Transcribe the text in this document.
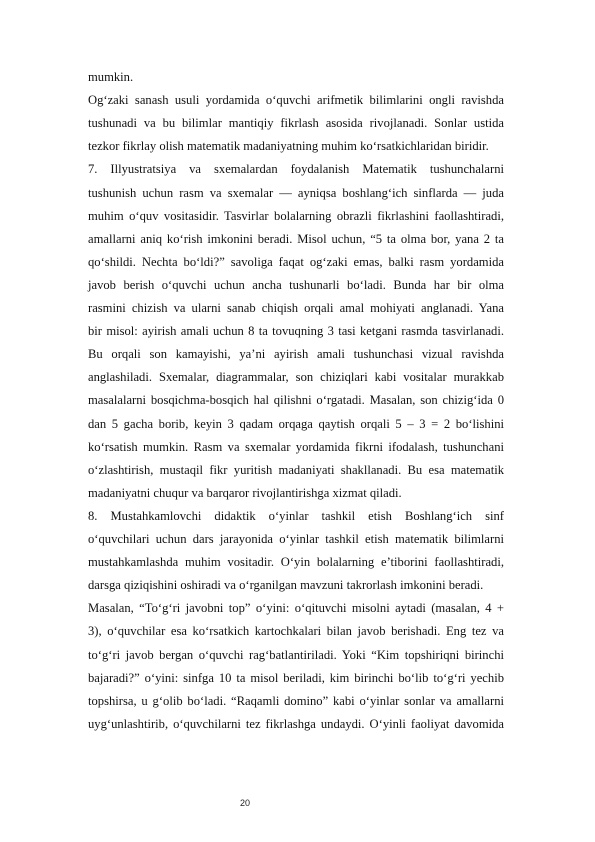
mumkin.
Og‘zaki sanash usuli yordamida o‘quvchi arifmetik bilimlarini ongli ravishda
tushunadi va bu bilimlar mantiqiy fikrlash asosida rivojlanadi. Sonlar ustida
tezkor fikrlay olish matematik madaniyatning muhim ko‘rsatkichlaridan biridir.
7. Illyustratsiya va sxemalardan foydalanish Matematik tushunchalarni
tushunish uchun rasm va sxemalar — ayniqsa boshlang‘ich sinflarda — juda
muhim o‘quv vositasidir. Tasvirlar bolalarning obrazli fikrlashini faollashtiradi,
amallarni aniq ko‘rish imkonini beradi. Misol uchun, “5 ta olma bor, yana 2 ta
qo‘shildi. Nechta bo‘ldi?” savoliga faqat og‘zaki emas, balki rasm yordamida
javob berish o‘quvchi uchun ancha tushunarli bo‘ladi. Bunda har bir olma
rasmini chizish va ularni sanab chiqish orqali amal mohiyati anglanadi. Yana
bir misol: ayirish amali uchun 8 ta tovuqning 3 tasi ketgani rasmda tasvirlanadi.
Bu orqali son kamayishi, ya’ni ayirish amali tushunchasi vizual ravishda
anglashiladi. Sxemalar, diagrammalar, son chiziqlari kabi vositalar murakkab
masalalarni bosqichma-bosqich hal qilishni o‘rgatadi. Masalan, son chizig‘ida 0
dan 5 gacha borib, keyin 3 qadam orqaga qaytish orqali 5 – 3 = 2 bo‘lishini
ko‘rsatish mumkin. Rasm va sxemalar yordamida fikrni ifodalash, tushunchani
o‘zlashtirish, mustaqil fikr yuritish madaniyati shakllanadi. Bu esa matematik
madaniyatni chuqur va barqaror rivojlantirishga xizmat qiladi.
8. Mustahkamlovchi didaktik o‘yinlar tashkil etish Boshlang‘ich sinf
o‘quvchilari uchun dars jarayonida o‘yinlar tashkil etish matematik bilimlarni
mustahkamlashda muhim vositadir. O‘yin bolalarning e’tiborini faollashtiradi,
darsga qiziqishini oshiradi va o‘rganilgan mavzuni takrorlash imkonini beradi.
Masalan, “To‘g‘ri javobni top” o‘yini: o‘qituvchi misolni aytadi (masalan, 4 +
3), o‘quvchilar esa ko‘rsatkich kartochkalari bilan javob berishadi. Eng tez va
to‘g‘ri javob bergan o‘quvchi rag‘batlantiriladi. Yoki “Kim topshiriqni birinchi
bajaradi?” o‘yini: sinfga 10 ta misol beriladi, kim birinchi bo‘lib to‘g‘ri yechib
topshirsa, u g‘olib bo‘ladi. “Raqamli domino” kabi o‘yinlar sonlar va amallarni
uyg‘unlashtirib, o‘quvchilarni tez fikrlashga undaydi. O‘yinli faoliyat davomida
20
